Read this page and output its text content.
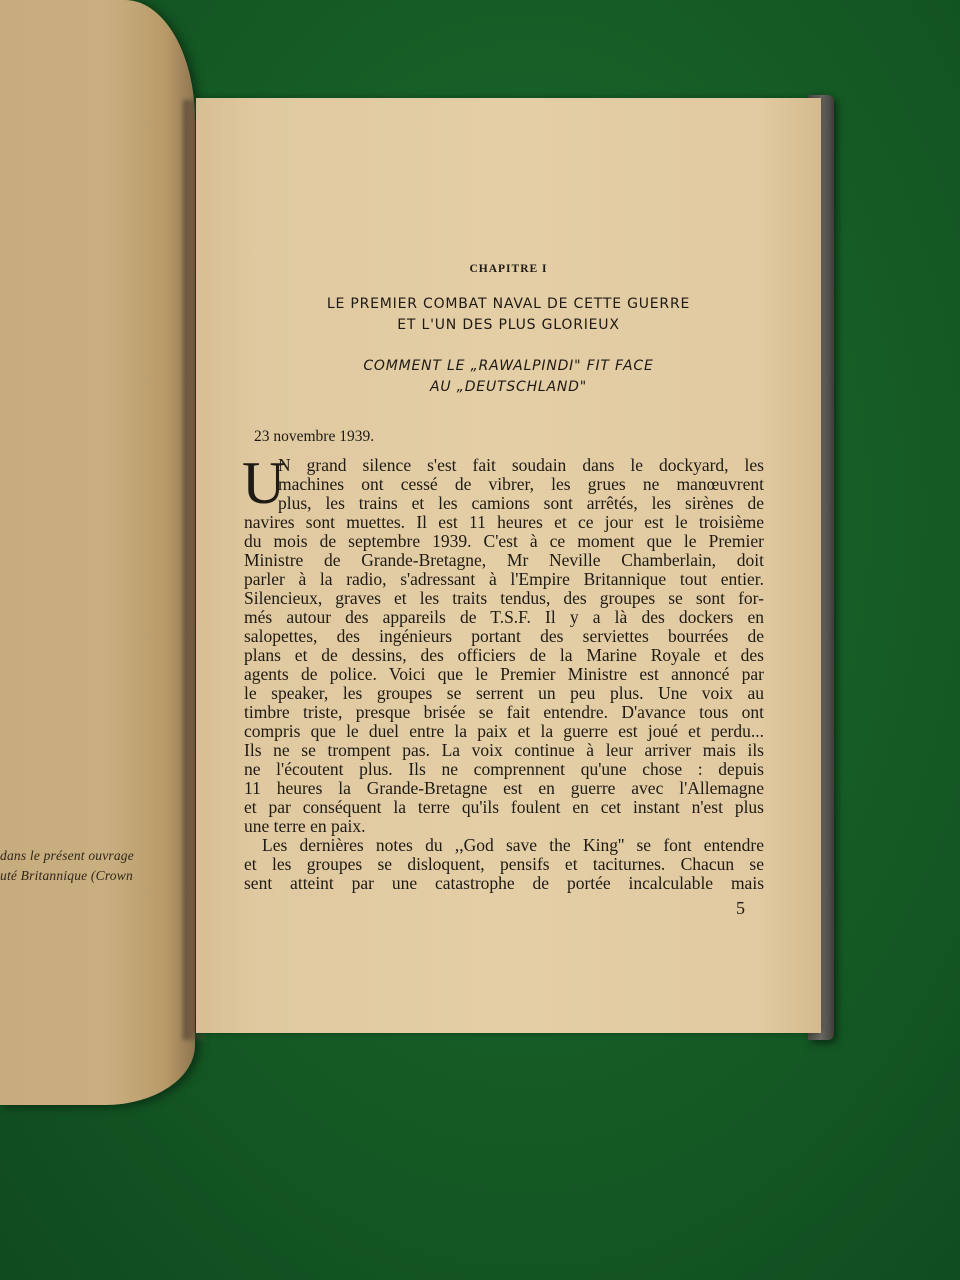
dans le présent ouvrage
uté Britannique (Crown
CHAPITRE I
LE PREMIER COMBAT NAVAL DE CETTE GUERRE
ET L'UN DES PLUS GLORIEUX
COMMENT LE „RAWALPINDI" FIT FACE
AU „DEUTSCHLAND"
23 novembre 1939.
U
N grand silence s'est fait soudain dans le dockyard, les
machines ont cessé de vibrer, les grues ne manœuvrent
plus, les trains et les camions sont arrêtés, les sirènes de
navires sont muettes. Il est 11 heures et ce jour est le troisième
du mois de septembre 1939. C'est à ce moment que le Premier
Ministre de Grande-Bretagne, Mr Neville Chamberlain, doit
parler à la radio, s'adressant à l'Empire Britannique tout entier.
Silencieux, graves et les traits tendus, des groupes se sont for-
més autour des appareils de T.S.F. Il y a là des dockers en
salopettes, des ingénieurs portant des serviettes bourrées de
plans et de dessins, des officiers de la Marine Royale et des
agents de police. Voici que le Premier Ministre est annoncé par
le speaker, les groupes se serrent un peu plus. Une voix au
timbre triste, presque brisée se fait entendre. D'avance tous ont
compris que le duel entre la paix et la guerre est joué et perdu...
Ils ne se trompent pas. La voix continue à leur arriver mais ils
ne l'écoutent plus. Ils ne comprennent qu'une chose : depuis
11 heures la Grande-Bretagne est en guerre avec l'Allemagne
et par conséquent la terre qu'ils foulent en cet instant n'est plus
une terre en paix.
Les dernières notes du ,,God save the King'' se font entendre
et les groupes se disloquent, pensifs et taciturnes. Chacun se
sent atteint par une catastrophe de portée incalculable mais
5
